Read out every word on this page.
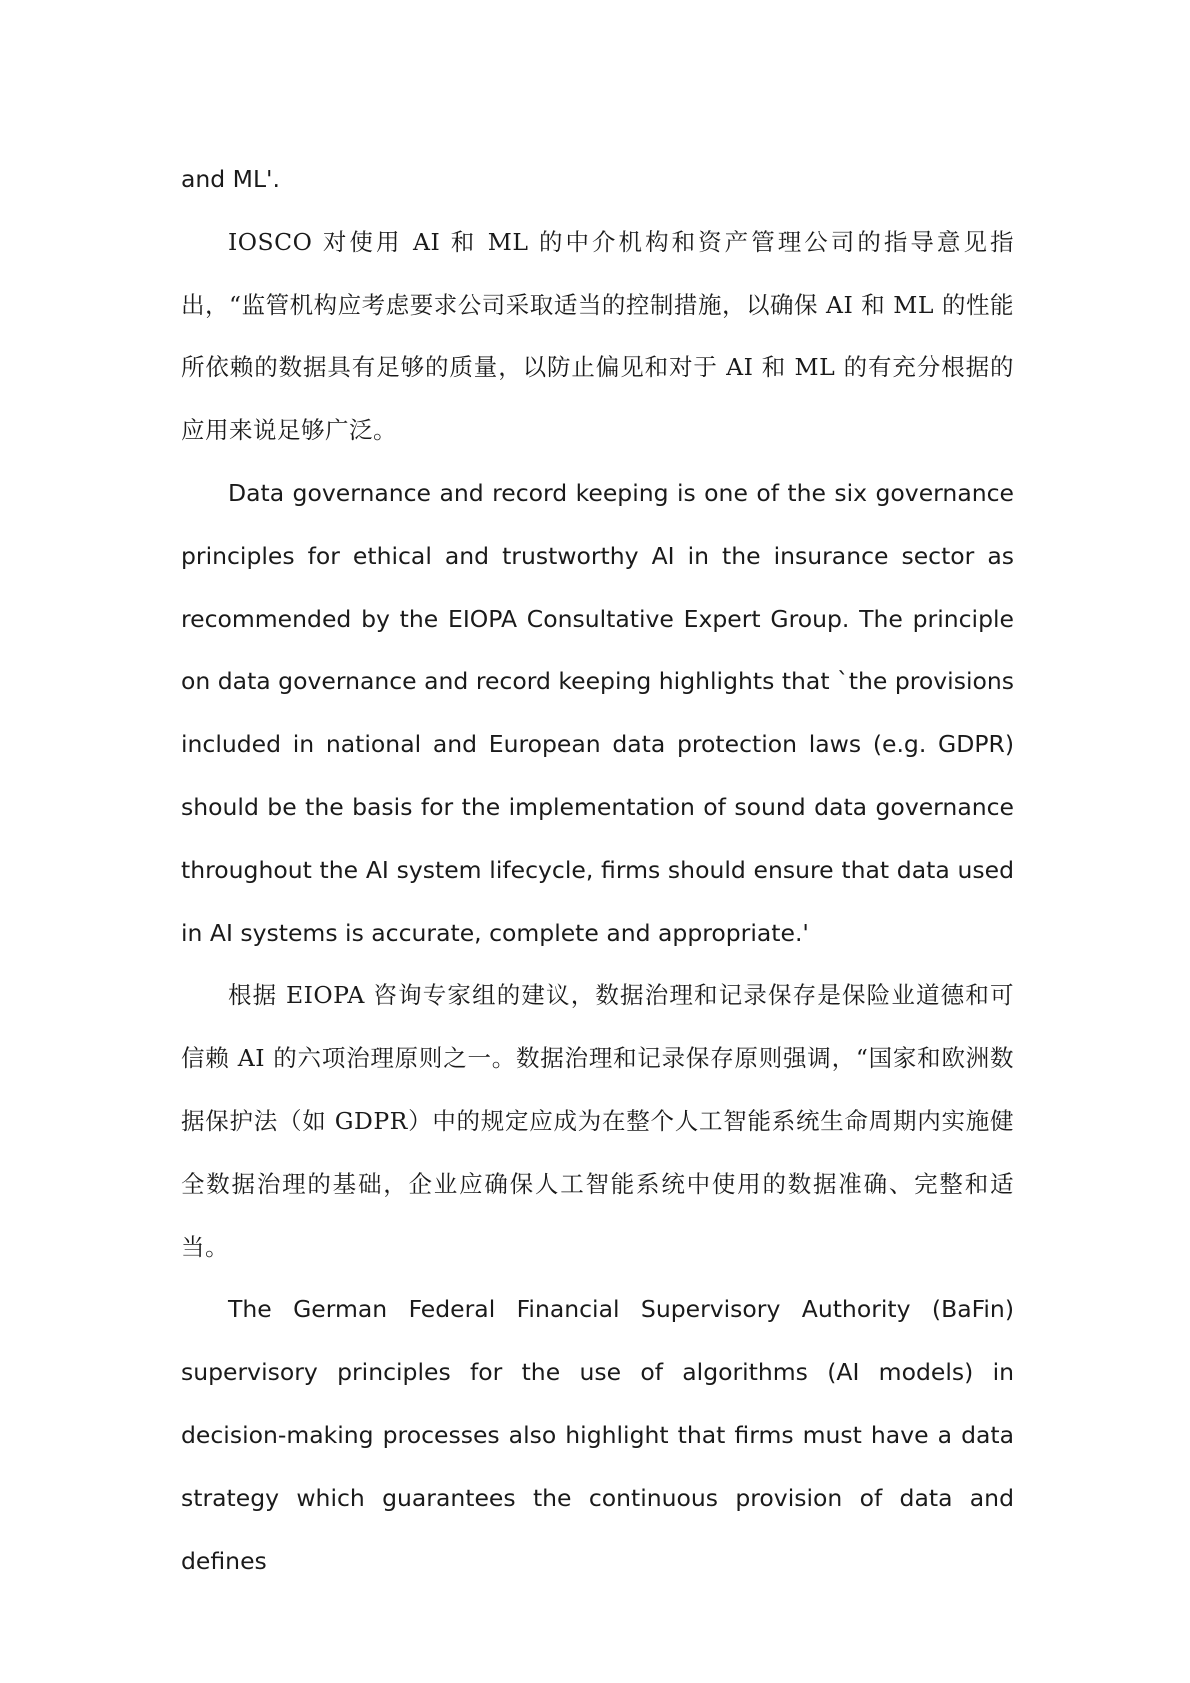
and ML'.

IOSCO 对使用 AI 和 ML 的中介机构和资产管理公司的指导意见指出，“监管机构应考虑要求公司采取适当的控制措施，以确保 AI 和 ML 的性能所依赖的数据具有足够的质量，以防止偏见和对于 AI 和 ML 的有充分根据的应用来说足够广泛。

Data governance and record keeping is one of the six governance principles for ethical and trustworthy AI in the insurance sector as recommended by the EIOPA Consultative Expert Group. The principle on data governance and record keeping highlights that `the provisions included in national and European data protection laws (e.g. GDPR) should be the basis for the implementation of sound data governance throughout the AI system lifecycle, firms should ensure that data used in AI systems is accurate, complete and appropriate.'

根据 EIOPA 咨询专家组的建议，数据治理和记录保存是保险业道德和可信赖 AI 的六项治理原则之一。数据治理和记录保存原则强调，“国家和欧洲数据保护法（如 GDPR）中的规定应成为在整个人工智能系统生命周期内实施健全数据治理的基础，企业应确保人工智能系统中使用的数据准确、完整和适当。

The German Federal Financial Supervisory Authority (BaFin) supervisory principles for the use of algorithms (AI models) in decision-making processes also highlight that firms must have a data strategy which guarantees the continuous provision of data and defines
